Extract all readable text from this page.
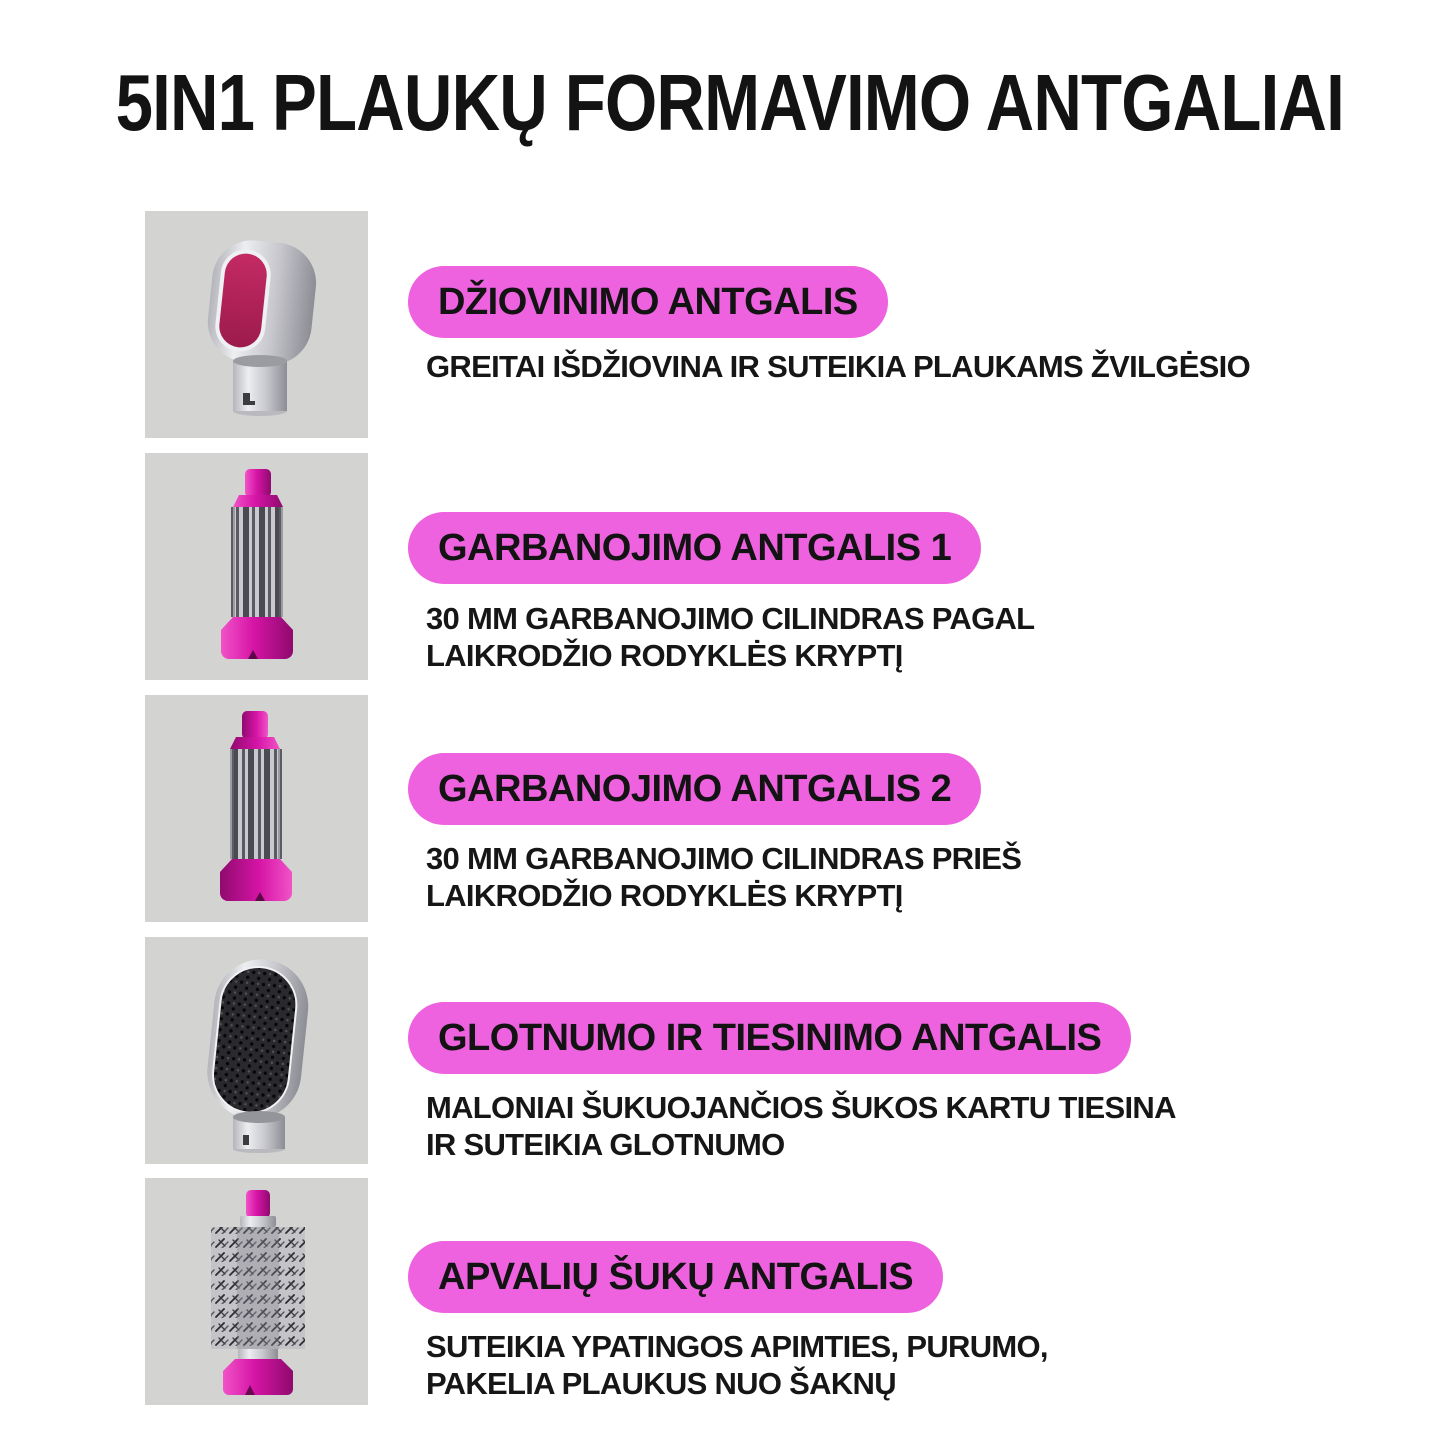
5IN1 PLAUKŲ FORMAVIMO ANTGALIAI
DŽIOVINIMO ANTGALIS
GREITAI IŠDŽIOVINA IR SUTEIKIA PLAUKAMS ŽVILGĖSIO
GARBANOJIMO ANTGALIS 1
30 MM GARBANOJIMO CILINDRAS PAGAL
LAIKRODŽIO RODYKLĖS KRYPTĮ
GARBANOJIMO ANTGALIS 2
30 MM GARBANOJIMO CILINDRAS PRIEŠ
LAIKRODŽIO RODYKLĖS KRYPTĮ
GLOTNUMO IR TIESINIMO ANTGALIS
MALONIAI ŠUKUOJANČIOS ŠUKOS KARTU TIESINA
IR SUTEIKIA GLOTNUMO
APVALIŲ ŠUKŲ ANTGALIS
SUTEIKIA YPATINGOS APIMTIES, PURUMO,
PAKELIA PLAUKUS NUO ŠAKNŲ
